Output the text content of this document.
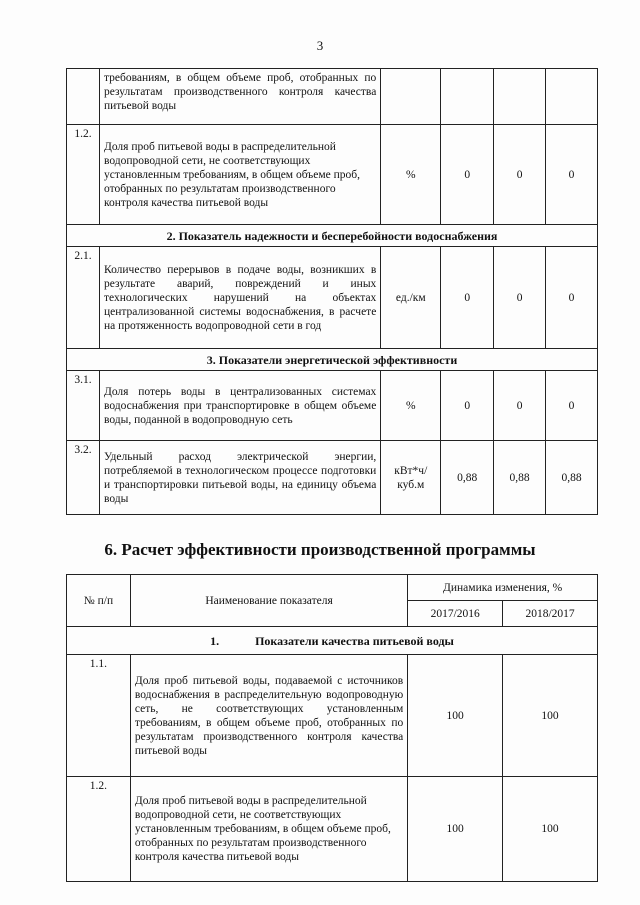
3
	требованиям, в общем объеме проб, отобранных по результатам производственного контроля качества питьевой воды				
1.2.	Доля проб питьевой воды в распределительной водопроводной сети, не соответствующих установленным требованиям, в общем объеме проб, отобранных по результатам производственного контроля качества питьевой воды	%	0	0	0
2. Показатель надежности и бесперебойности водоснабжения					
2.1.	Количество перерывов в подаче воды, возникших в результате аварий, повреждений и иных технологических нарушений на объектах централизованной системы водоснабжения, в расчете на протяженность водопроводной сети в год	ед./км	0	0	0
3. Показатели энергетической эффективности					
3.1.	Доля потерь воды в централизованных системах водоснабжения при транспортировке в общем объеме воды, поданной в водопроводную сеть	%	0	0	0
3.2.	Удельный расход электрической энергии, потребляемой в технологическом процессе подготовки и транспортировки питьевой воды, на единицу объема воды	кВт*ч/ куб.м	0,88	0,88	0,88
6. Расчет эффективности производственной программы
№ п/п	Наименование показателя	Динамика изменения, %	
		2017/2016	2018/2017
1. Показатели качества питьевой воды			
1.1.	Доля проб питьевой воды, подаваемой с источников водоснабжения в распределительную водопроводную сеть, не соответствующих установленным требованиям, в общем объеме проб, отобранных по результатам производственного контроля качества питьевой воды	100	100
1.2.	Доля проб питьевой воды в распределительной водопроводной сети, не соответствующих установленным требованиям, в общем объеме проб, отобранных по результатам производственного контроля качества питьевой воды	100	100
